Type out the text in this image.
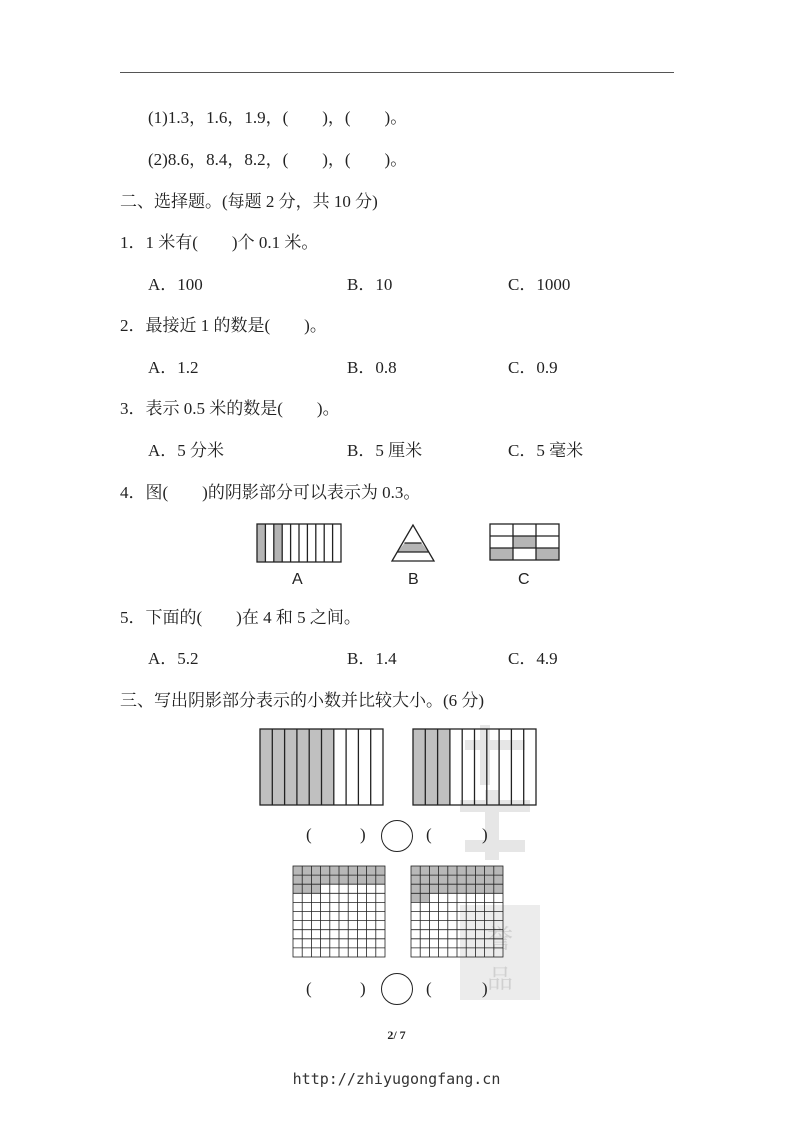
(1)1.3，1.6，1.9，(　　)，(　　)。
(2)8.6，8.4，8.2，(　　)，(　　)。
二、选择题。(每题 2 分，共 10 分)
1．1 米有(　　)个 0.1 米。
A．100	B．10	C．1000
2．最接近 1 的数是(　　)。
A．1.2	B．0.8	C．0.9
3．表示 0.5 米的数是(　　)。
A．5 分米	B．5 厘米	C．5 毫米
4．图(　　)的阴影部分可以表示为 0.3。
A	B	C
5．下面的(　　)在 4 和 5 之间。
A．5.2	B．1.4	C．4.9
三、写出阴影部分表示的小数并比较大小。(6 分)
誉
品
(	)	(	)
(	)	(	)
2/ 7
http://zhiyugongfang.cn
